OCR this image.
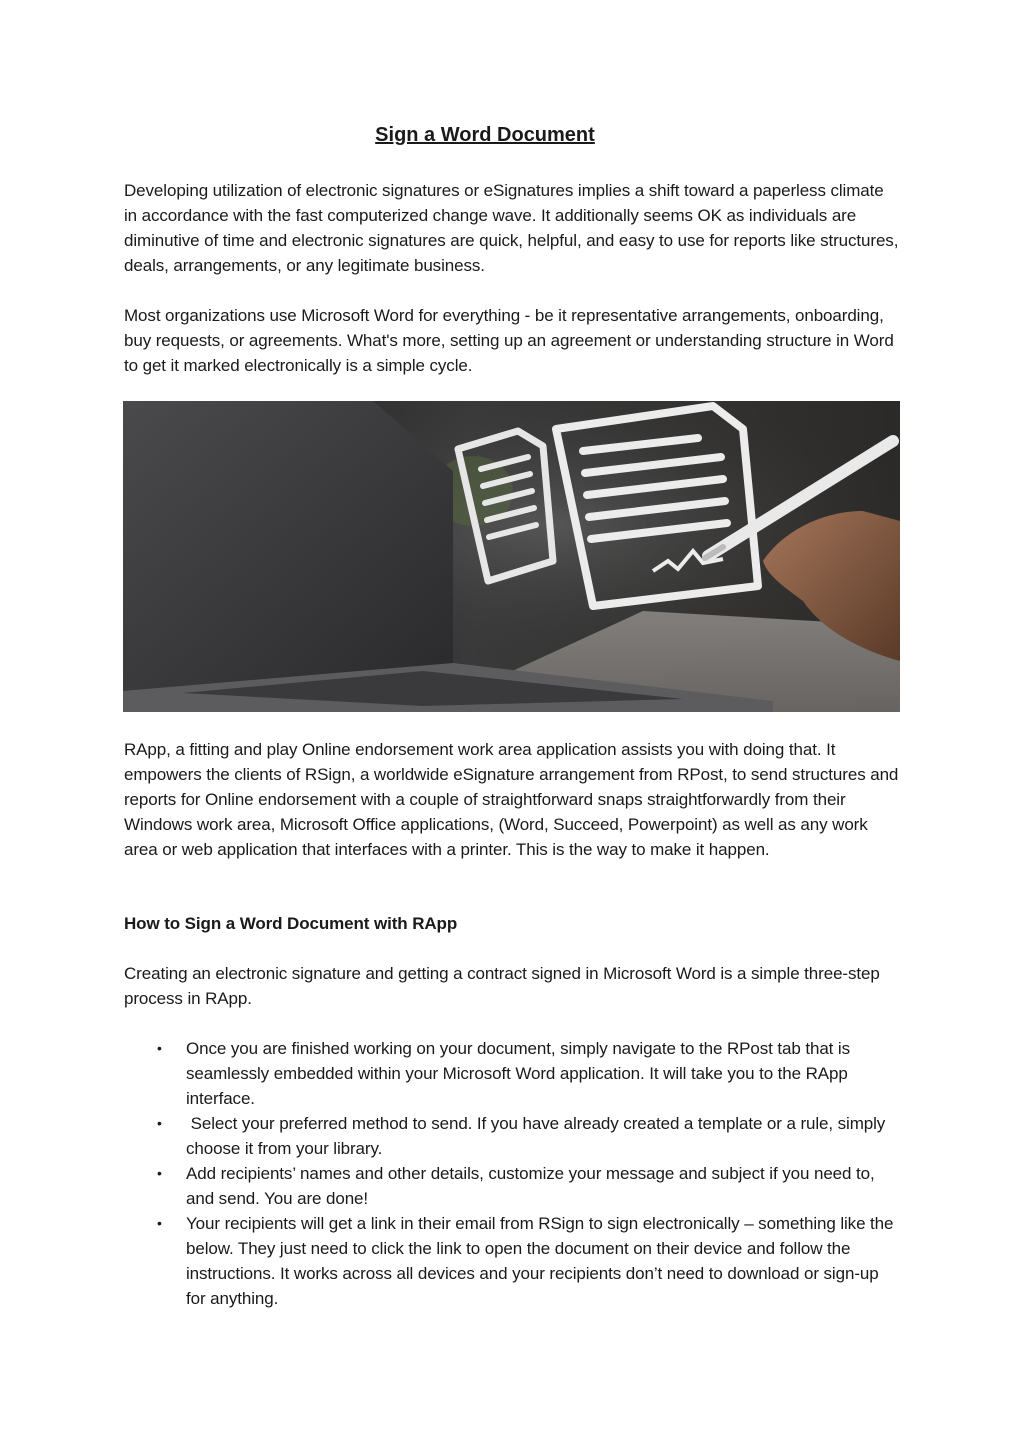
Sign a Word Document

Developing utilization of electronic signatures or eSignatures implies a shift toward a paperless climate in accordance with the fast computerized change wave. It additionally seems OK as individuals are diminutive of time and electronic signatures are quick, helpful, and easy to use for reports like structures, deals, arrangements, or any legitimate business.

Most organizations use Microsoft Word for everything - be it representative arrangements, onboarding, buy requests, or agreements. What's more, setting up an agreement or understanding structure in Word to get it marked electronically is a simple cycle.

RApp, a fitting and play Online endorsement work area application assists you with doing that. It empowers the clients of RSign, a worldwide eSignature arrangement from RPost, to send structures and reports for Online endorsement with a couple of straightforward snaps straightforwardly from their Windows work area, Microsoft Office applications, (Word, Succeed, Powerpoint) as well as any work area or web application that interfaces with a printer. This is the way to make it happen.

How to Sign a Word Document with RApp

Creating an electronic signature and getting a contract signed in Microsoft Word is a simple three-step process in RApp.

• Once you are finished working on your document, simply navigate to the RPost tab that is seamlessly embedded within your Microsoft Word application. It will take you to the RApp interface.
• Select your preferred method to send. If you have already created a template or a rule, simply choose it from your library.
• Add recipients’ names and other details, customize your message and subject if you need to, and send. You are done!
• Your recipients will get a link in their email from RSign to sign electronically – something like the below. They just need to click the link to open the document on their device and follow the instructions. It works across all devices and your recipients don’t need to download or sign-up for anything.
